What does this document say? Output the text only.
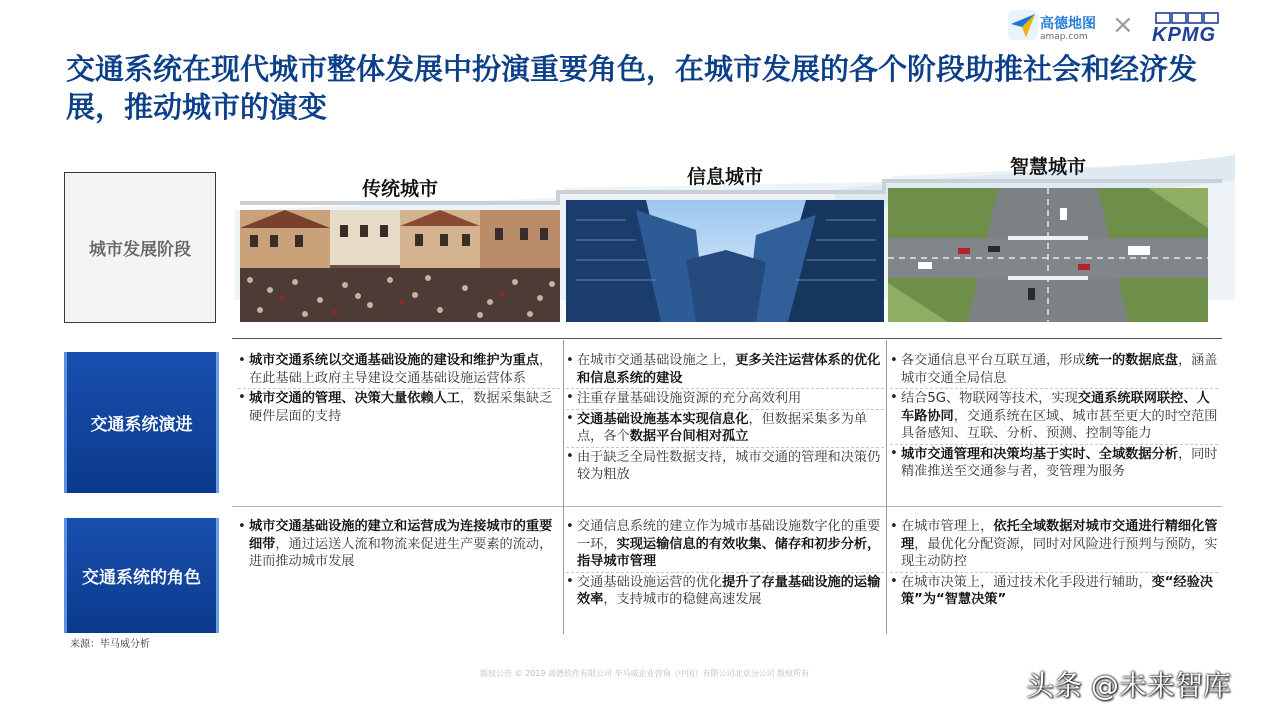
高德地图
amap.com × KPMG
交通系统在现代城市整体发展中扮演重要角色，在城市发展的各个阶段助推社会和经济发展，推动城市的演变
城市发展阶段
传统城市
信息城市	智慧城市
交通系统演进
交通系统的角色
• 城市交通系统以交通基础设施的建设和维护为重点，在此基础上政府主导建设交通基础设施运营体系
• 城市交通的管理、决策大量依赖人工，数据采集缺乏硬件层面的支持
• 在城市交通基础设施之上，更多关注运营体系的优化和信息系统的建设
• 注重存量基础设施资源的充分高效利用
• 交通基础设施基本实现信息化，但数据采集多为单点，各个数据平台间相对孤立
• 由于缺乏全局性数据支持，城市交通的管理和决策仍较为粗放
• 各交通信息平台互联互通，形成统一的数据底盘，涵盖城市交通全局信息
• 结合5G、物联网等技术，实现交通系统联网联控、人车路协同，交通系统在区域、城市甚至更大的时空范围具备感知、互联、分析、预测、控制等能力
• 城市交通管理和决策均基于实时、全域数据分析，同时精准推送至交通参与者，变管理为服务
• 城市交通基础设施的建立和运营成为连接城市的重要细带，通过运送人流和物流来促进生产要素的流动，进而推动城市发展
• 交通信息系统的建立作为城市基础设施数字化的重要一环，实现运输信息的有效收集、储存和初步分析，指导城市管理
• 交通基础设施运营的优化提升了存量基础设施的运输效率，支持城市的稳健高速发展
• 在城市管理上，依托全域数据对城市交通进行精细化管理，最优化分配资源，同时对风险进行预判与预防，实现主动防控
• 在城市决策上，通过技术化手段进行辅助，变“经验决策”为“智慧决策”
来源：毕马威分析
版权公告 © 2019 高德软件有限公司 毕马威企业咨询（中国）有限公司北京分公司 版权所有	头条 @未来智库
